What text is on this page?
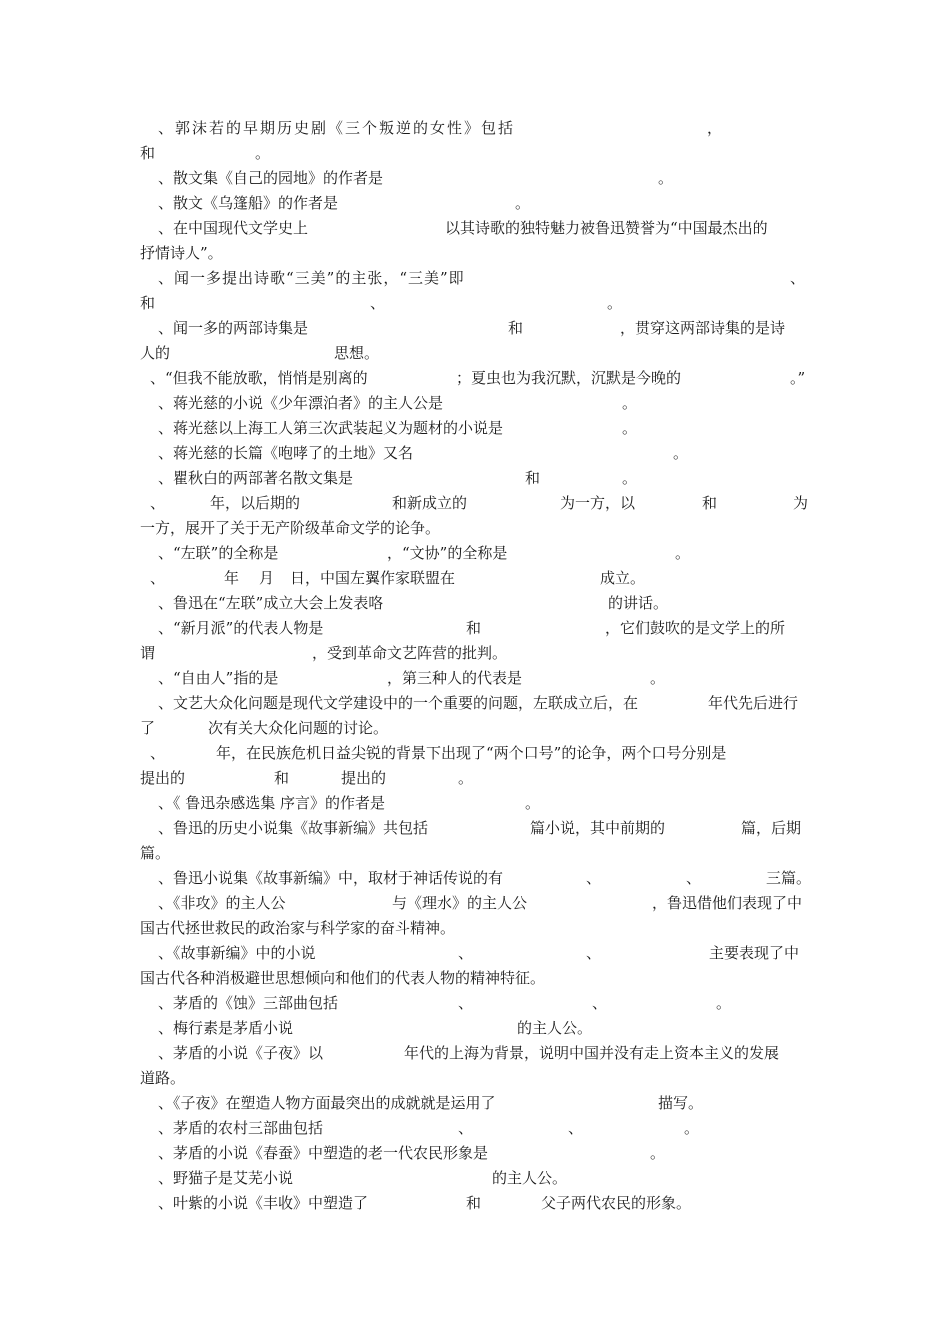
、郭沫若的早期历史剧《三个叛逆的女性》包括	，
和	。
、散文集《自己的园地》的作者是	。
、散文《乌篷船》的作者是	。
、在中国现代文学史上	以其诗歌的独特魅力被鲁迅赞誉为“中国最杰出的
抒情诗人”。
、闻一多提出诗歌“三美”的主张，“三美”即	、
和	、	。
、闻一多的两部诗集是	和	，贯穿这两部诗集的是诗
人的	思想。
、“但我不能放歌，悄悄是别离的	；夏虫也为我沉默，沉默是今晚的	。”
、蒋光慈的小说《少年漂泊者》的主人公是	。
、蒋光慈以上海工人第三次武装起义为题材的小说是	。
、蒋光慈的长篇《咆哮了的土地》又名	。
、瞿秋白的两部著名散文集是	和	。
、	年，以后期的	和新成立的	为一方，以	和	为
一方，展开了关于无产阶级革命文学的论争。
、“左联”的全称是	，“文协”的全称是	。
、	年 月 日，中国左翼作家联盟在	成立。
、鲁迅在“左联”成立大会上发表咯	的讲话。
、“新月派”的代表人物是	和	，它们鼓吹的是文学上的所
谓	，受到革命文艺阵营的批判。
、“自由人”指的是	，第三种人的代表是	。
、文艺大众化问题是现代文学建设中的一个重要的问题，左联成立后，在	年代先后进行
了	次有关大众化问题的讨论。
、	年，在民族危机日益尖锐的背景下出现了“两个口号”的论争，两个口号分别是
提出的	和	提出的	。
、《 鲁迅杂感选集 序言》的作者是	。
、鲁迅的历史小说集《故事新编》共包括	篇小说，其中前期的	篇，后期
篇。
、鲁迅小说集《故事新编》中，取材于神话传说的有	、	、	三篇。
、《非攻》的主人公	与《理水》的主人公	，鲁迅借他们表现了中
国古代拯世救民的政治家与科学家的奋斗精神。
、《故事新编》中的小说	、	、	主要表现了中
国古代各种消极避世思想倾向和他们的代表人物的精神特征。
、茅盾的《蚀》三部曲包括	、	、	。
、梅行素是茅盾小说	的主人公。
、茅盾的小说《子夜》以	年代的上海为背景，说明中国并没有走上资本主义的发展
道路。
、《子夜》在塑造人物方面最突出的成就就是运用了	描写。
、茅盾的农村三部曲包括	、	、	。
、茅盾的小说《春蚕》中塑造的老一代农民形象是	。
、野猫子是艾芜小说	的主人公。
、叶紫的小说《丰收》中塑造了	和	父子两代农民的形象。
